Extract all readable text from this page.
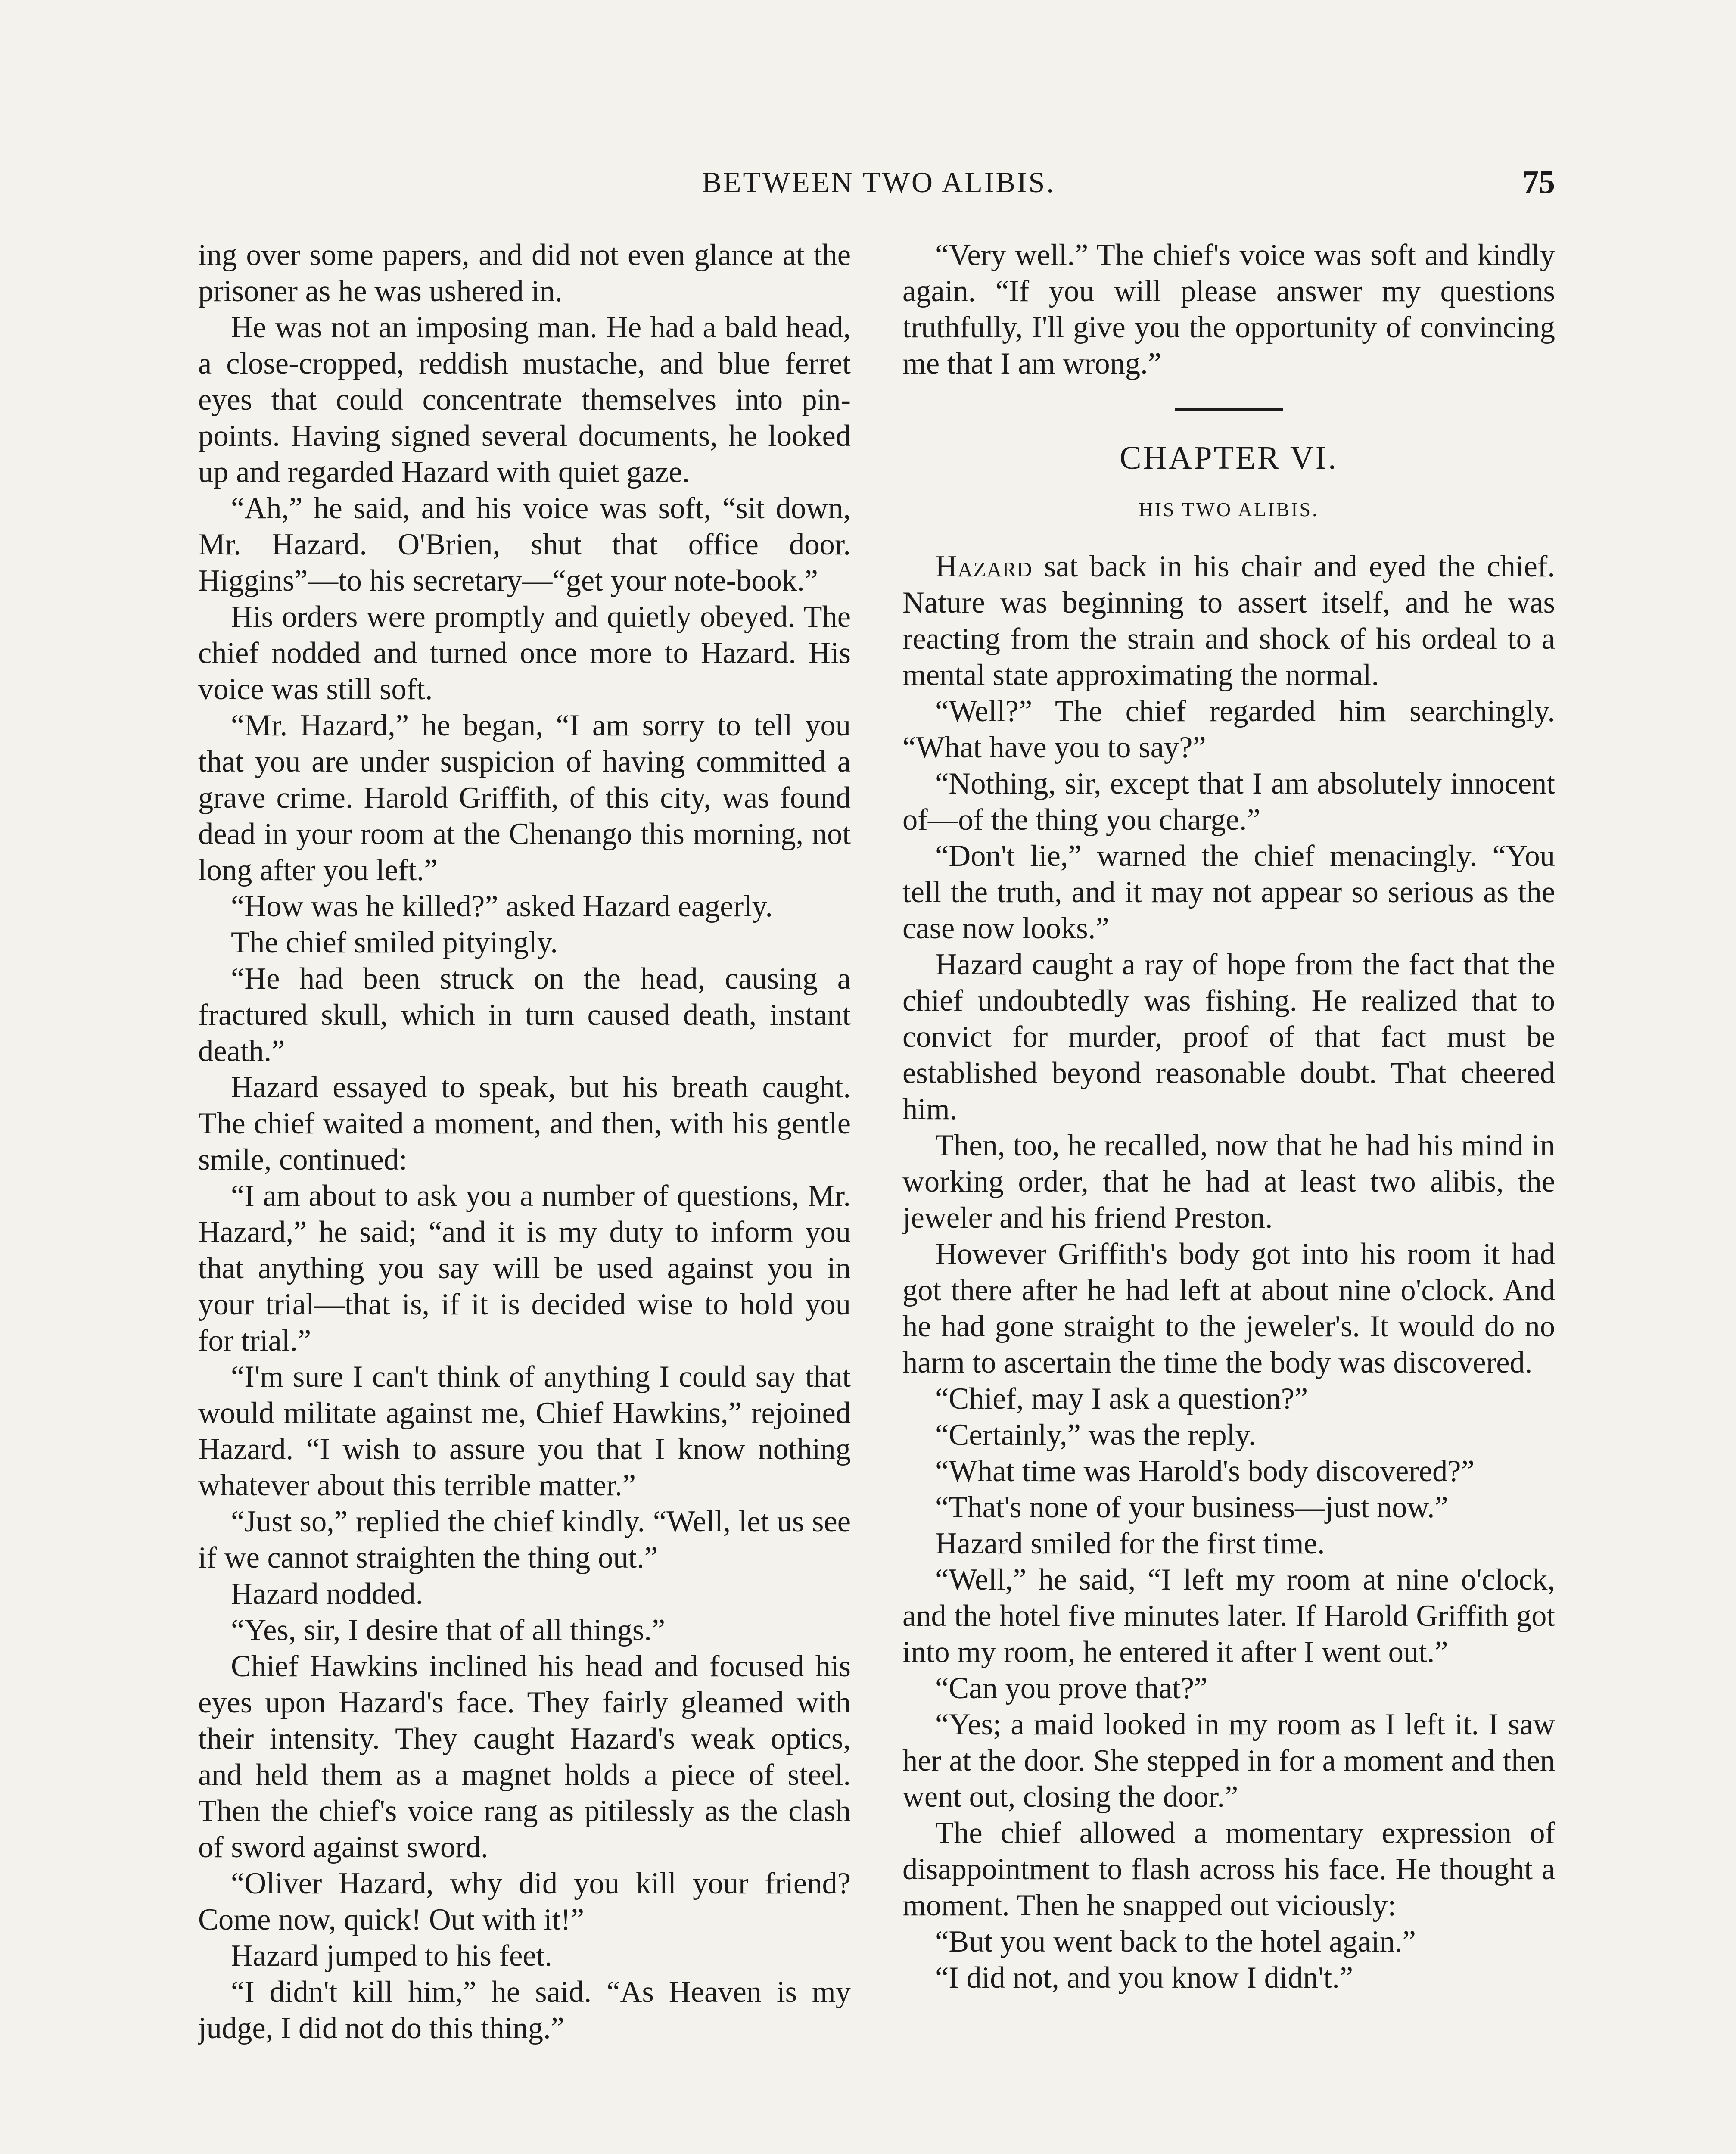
BETWEEN TWO ALIBIS.	75

ing over some papers, and did not even glance at the prisoner as he was ushered in.

He was not an imposing man. He had a bald head, a close-cropped, reddish mustache, and blue ferret eyes that could concentrate themselves into pin-points. Having signed several documents, he looked up and regarded Hazard with quiet gaze.

“Ah,” he said, and his voice was soft, “sit down, Mr. Hazard. O'Brien, shut that office door. Higgins”—to his secretary—“get your note-book.”

His orders were promptly and quietly obeyed. The chief nodded and turned once more to Hazard. His voice was still soft.

“Mr. Hazard,” he began, “I am sorry to tell you that you are under suspicion of having committed a grave crime. Harold Griffith, of this city, was found dead in your room at the Chenango this morning, not long after you left.”

“How was he killed?” asked Hazard eagerly.

The chief smiled pityingly.

“He had been struck on the head, causing a fractured skull, which in turn caused death, instant death.”

Hazard essayed to speak, but his breath caught. The chief waited a moment, and then, with his gentle smile, continued:

“I am about to ask you a number of questions, Mr. Hazard,” he said; “and it is my duty to inform you that anything you say will be used against you in your trial—that is, if it is decided wise to hold you for trial.”

“I'm sure I can't think of anything I could say that would militate against me, Chief Hawkins,” rejoined Hazard. “I wish to assure you that I know nothing whatever about this terrible matter.”

“Just so,” replied the chief kindly. “Well, let us see if we cannot straighten the thing out.”

Hazard nodded.

“Yes, sir, I desire that of all things.”

Chief Hawkins inclined his head and focused his eyes upon Hazard's face. They fairly gleamed with their intensity. They caught Hazard's weak optics, and held them as a magnet holds a piece of steel. Then the chief's voice rang as pitilessly as the clash of sword against sword.

“Oliver Hazard, why did you kill your friend? Come now, quick! Out with it!”

Hazard jumped to his feet.

“I didn't kill him,” he said. “As Heaven is my judge, I did not do this thing.”

“Very well.” The chief's voice was soft and kindly again. “If you will please answer my questions truthfully, I'll give you the opportunity of convincing me that I am wrong.”

CHAPTER VI.
HIS TWO ALIBIS.

Hazard sat back in his chair and eyed the chief. Nature was beginning to assert itself, and he was reacting from the strain and shock of his ordeal to a mental state approximating the normal.

“Well?” The chief regarded him searchingly. “What have you to say?”

“Nothing, sir, except that I am absolutely innocent of—of the thing you charge.”

“Don't lie,” warned the chief menacingly. “You tell the truth, and it may not appear so serious as the case now looks.”

Hazard caught a ray of hope from the fact that the chief undoubtedly was fishing. He realized that to convict for murder, proof of that fact must be established beyond reasonable doubt. That cheered him.

Then, too, he recalled, now that he had his mind in working order, that he had at least two alibis, the jeweler and his friend Preston.

However Griffith's body got into his room it had got there after he had left at about nine o'clock. And he had gone straight to the jeweler's. It would do no harm to ascertain the time the body was discovered.

“Chief, may I ask a question?”

“Certainly,” was the reply.

“What time was Harold's body discovered?”

“That's none of your business—just now.”

Hazard smiled for the first time.

“Well,” he said, “I left my room at nine o'clock, and the hotel five minutes later. If Harold Griffith got into my room, he entered it after I went out.”

“Can you prove that?”

“Yes; a maid looked in my room as I left it. I saw her at the door. She stepped in for a moment and then went out, closing the door.”

The chief allowed a momentary expression of disappointment to flash across his face. He thought a moment. Then he snapped out viciously:

“But you went back to the hotel again.”

“I did not, and you know I didn't.”
